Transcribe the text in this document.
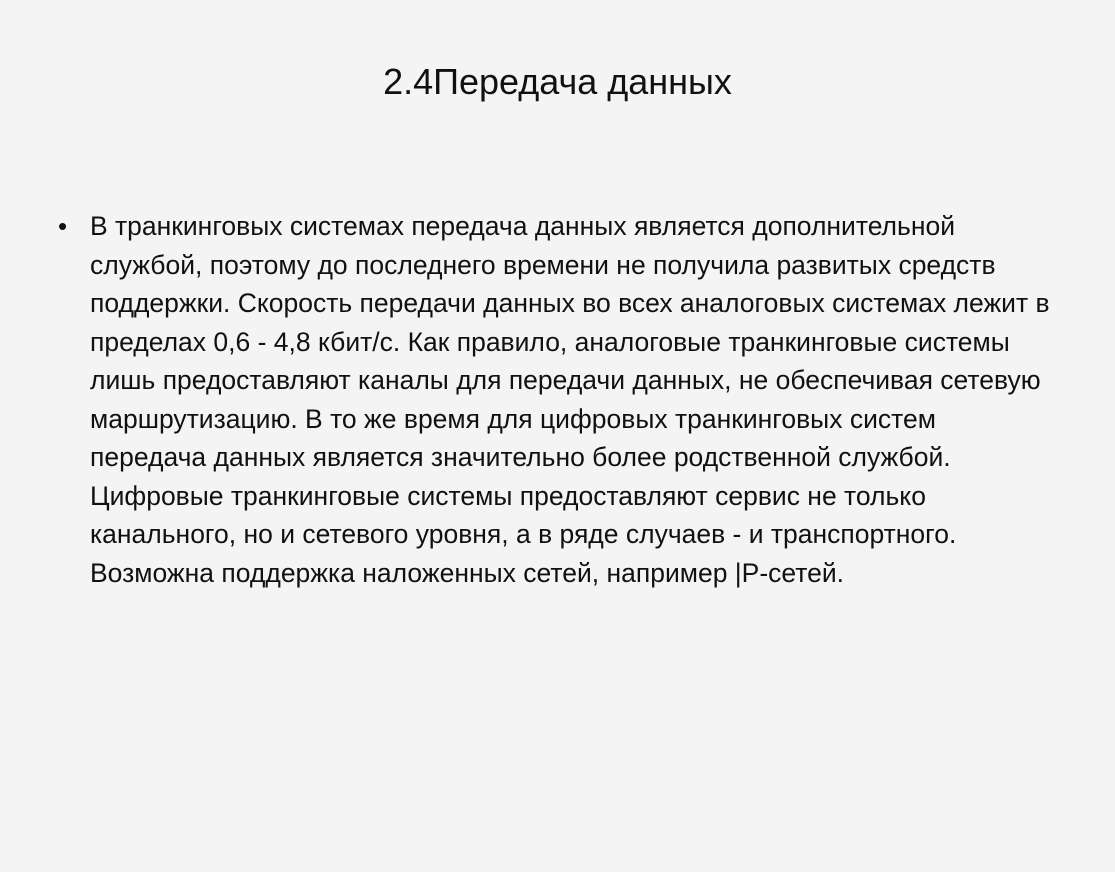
2.4Передача данных
• В транкинговых системах передача данных является дополнительной службой, поэтому до последнего времени не получила развитых средств поддержки. Скорость передачи данных во всех аналоговых системах лежит в пределах 0,6 - 4,8 кбит/с. Как правило, аналоговые транкинговые системы лишь предоставляют каналы для передачи данных, не обеспечивая сетевую маршрутизацию. В то же время для цифровых транкинговых систем передача данных является значительно более родственной службой. Цифровые транкинговые системы предоставляют сервис не только канального, но и сетевого уровня, а в ряде случаев - и транспортного. Возможна поддержка наложенных сетей, например |Р-сетей.
